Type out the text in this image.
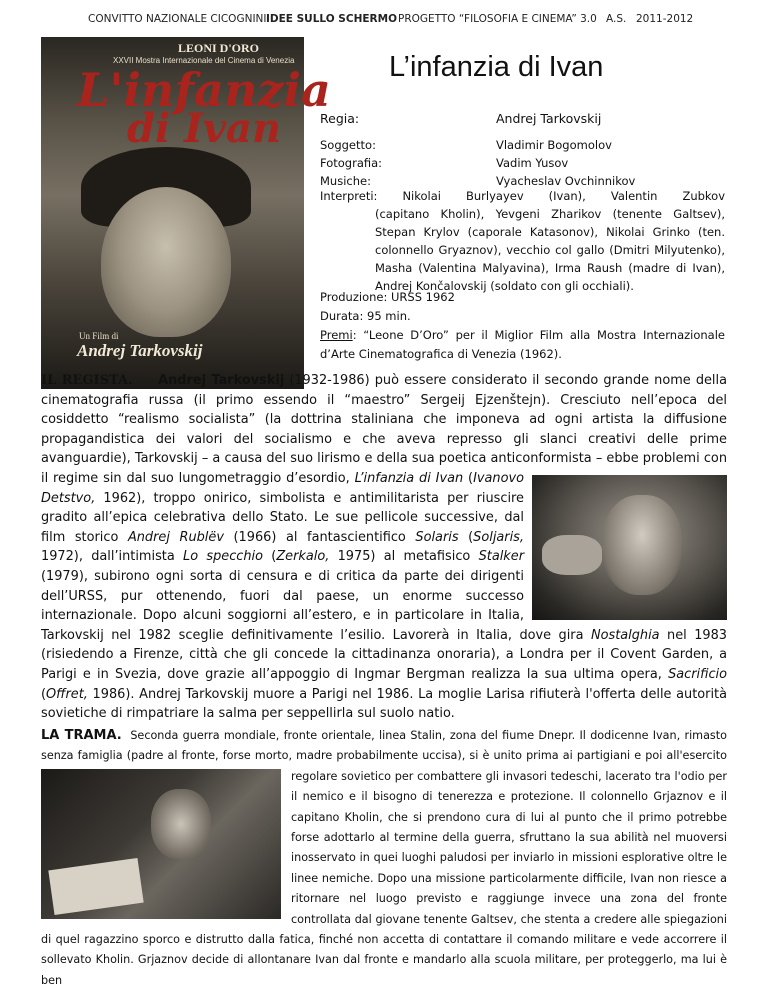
CONVITTO NAZIONALE CICOGNINI IDEE SULLO SCHERMO PROGETTO “FILOSOFIA E CINEMA” 3.0 A.S. 2011-2012
LEONI D'ORO
XXVII Mostra Internazionale del Cinema di Venezia
L'infanzia
di Ivan
Un Film di
Andrej Tarkovskij
L’infanzia di Ivan
Regia:	Andrej Tarkovskij
Soggetto:	Vladimir Bogomolov
Fotografia:	Vadim Yusov
Musiche:	Vyacheslav Ovchinnikov
Interpreti: Nikolai Burlyayev (Ivan), Valentin Zubkov
(capitano Kholin), Yevgeni Zharikov (tenente Galtsev), Stepan Krylov (caporale Katasonov), Nikolai Grinko (ten. colonnello Gryaznov), vecchio col gallo (Dmitri Milyutenko), Masha (Valentina Malyavina), Irma Raush (madre di Ivan), Andrej Končalovskij (soldato con gli occhiali).
Produzione: URSS 1962
Durata: 95 min.
Premi: “Leone D’Oro” per il Miglior Film alla Mostra Internazionale d’Arte Cinematografica di Venezia (1962).
IL REGISTA. Andrej Tarkovskij (1932-1986) può essere considerato il secondo grande nome della cinematografia russa (il primo essendo il “maestro” Sergeij Ejzenštejn). Cresciuto nell’epoca del cosiddetto “realismo socialista” (la dottrina staliniana che imponeva ad ogni artista la diffusione propagandistica dei valori del socialismo e che aveva represso gli slanci creativi delle prime avanguardie), Tarkovskij – a causa del suo lirismo e della sua poetica anticonformista – ebbe problemi con il regime sin dal suo lungometraggio d’esordio,
L’infanzia di Ivan (Ivanovo Detstvo, 1962), troppo onirico, simbolista e antimilitarista per riuscire gradito all’epica celebrativa dello Stato. Le sue pellicole successive, dal film storico Andrej Rublëv (1966) al fantascientifico Solaris (Soljaris, 1972), dall’intimista Lo specchio (Zerkalo, 1975) al metafisico Stalker (1979), subirono ogni sorta di censura e di critica da parte dei dirigenti dell’URSS, pur ottenendo, fuori dal paese, un enorme successo internazionale. Dopo alcuni soggiorni all’estero, e in particolare in Italia, Tarkovskij nel 1982 sceglie definitivamente l’esilio. Lavorerà in Italia, dove gira Nostalghia nel 1983 (risiedendo a Firenze, città che gli concede la cittadinanza onoraria), a Londra per il Covent Garden, a Parigi e in Svezia, dove grazie all’appoggio di Ingmar Bergman realizza la sua ultima opera, Sacrificio (Offret, 1986). Andrej Tarkovskij muore a Parigi nel 1986. La moglie Larisa rifiuterà l'offerta delle autorità sovietiche di rimpatriare la salma per seppellirla sul suolo natio.
LA TRAMA. Seconda guerra mondiale, fronte orientale, linea Stalin, zona del fiume Dnepr. Il dodicenne Ivan, rimasto senza famiglia (padre al fronte, forse morto, madre probabilmente uccisa), si è unito prima ai partigiani e
poi all'esercito regolare sovietico per combattere gli invasori tedeschi, lacerato tra l'odio per il nemico e il bisogno di tenerezza e protezione. Il colonnello Grjaznov e il capitano Kholin, che si prendono cura di lui al punto che il primo potrebbe forse adottarlo al termine della guerra, sfruttano la sua abilità nel muoversi inosservato in quei luoghi paludosi per inviarlo in missioni esplorative oltre le linee nemiche. Dopo una missione particolarmente difficile, Ivan non riesce a ritornare nel luogo previsto e raggiunge invece una zona del fronte controllata dal giovane tenente Galtsev, che stenta a credere alle spiegazioni di quel ragazzino sporco e distrutto dalla fatica, finché non accetta di contattare il comando militare e vede accorrere il sollevato Kholin. Grjaznov decide di allontanare Ivan dal fronte e mandarlo alla scuola militare, per proteggerlo, ma lui è ben
